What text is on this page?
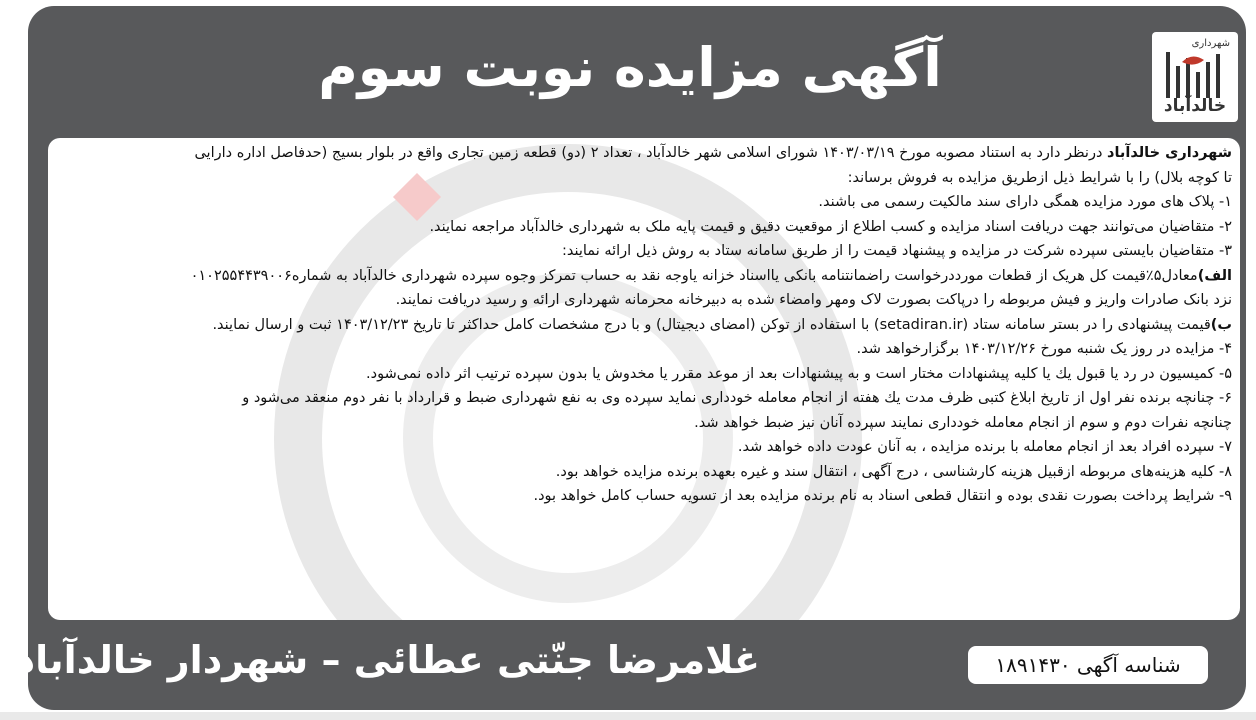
شهرداری
خالدآباد
آگهی مزایده نوبت سوم
شهرداری خالدآباد درنظر دارد به استناد مصوبه مورخ ۱۴۰۳/۰۳/۱۹ شورای اسلامی شهر خالدآباد ، تعداد ۲ (دو) قطعه زمین تجاری واقع در بلوار بسیج (حدفاصل اداره دارایی
تا کوچه بلال) را با شرایط ذیل ازطریق مزایده به فروش برساند:
۱- پلاک های مورد مزایده همگی دارای سند مالکیت رسمی می باشند.
۲- متقاضیان می‌توانند جهت دریافت اسناد مزایده و کسب اطلاع از موقعیت دقیق و قیمت پایه ملک به شهرداری خالدآباد مراجعه نمایند.
۳- متقاضیان بایستی سپرده شرکت در مزایده و پیشنهاد قیمت را از طریق سامانه ستاد به روش ذیل ارائه نمایند:
الف)معادل۵٪قیمت کل هریک از قطعات مورددرخواست راضمانتنامه بانکی یااسناد خزانه یاوجه نقد به حساب تمرکز وجوه سپرده شهرداری خالدآباد به شماره۰۱۰۲۵۵۴۴۳۹۰۰۶
نزد بانک صادرات واریز و فیش مربوطه را درپاکت بصورت لاک ومهر وامضاء شده به دبیرخانه محرمانه شهرداری ارائه و رسید دریافت نمایند.
ب)قیمت پیشنهادی را در بستر سامانه ستاد (setadiran.ir) با استفاده از توکن (امضای دیجیتال) و با درج مشخصات کامل حداکثر تا تاریخ ۱۴۰۳/۱۲/۲۳ ثبت و ارسال نمایند.
۴- مزایده در روز یک شنبه مورخ ۱۴۰۳/۱۲/۲۶ برگزارخواهد شد.
۵- کمیسیون در رد یا قبول یك یا کلیه پیشنهادات مختار است و به پیشنهادات بعد از موعد مقرر یا مخدوش یا بدون سپرده ترتیب اثر داده نمی‌شود.
۶- چنانچه برنده نفر اول از تاریخ ابلاغ کتبی ظرف مدت یك هفته از انجام معامله خودداری نماید سپرده وی به نفع شهرداری ضبط و قرارداد با نفر دوم منعقد می‌شود و
چنانچه نفرات دوم و سوم از انجام معامله خودداری نمایند سپرده آنان نیز ضبط خواهد شد.
۷- سپرده افراد بعد از انجام معامله با برنده مزایده ، به آنان عودت داده خواهد شد.
۸- کلیه هزینه‌های مربوطه ازقبیل هزینه کارشناسی ، درج آگهی ، انتقال سند و غیره بعهده برنده مزایده خواهد بود.
۹- شرایط پرداخت بصورت نقدی بوده و انتقال قطعی اسناد به نام برنده مزایده بعد از تسویه حساب کامل خواهد بود.
غلامرضا جنّتی عطائی – شهردار خالدآباد	شناسه آگهی ۱۸۹۱۴۳۰
